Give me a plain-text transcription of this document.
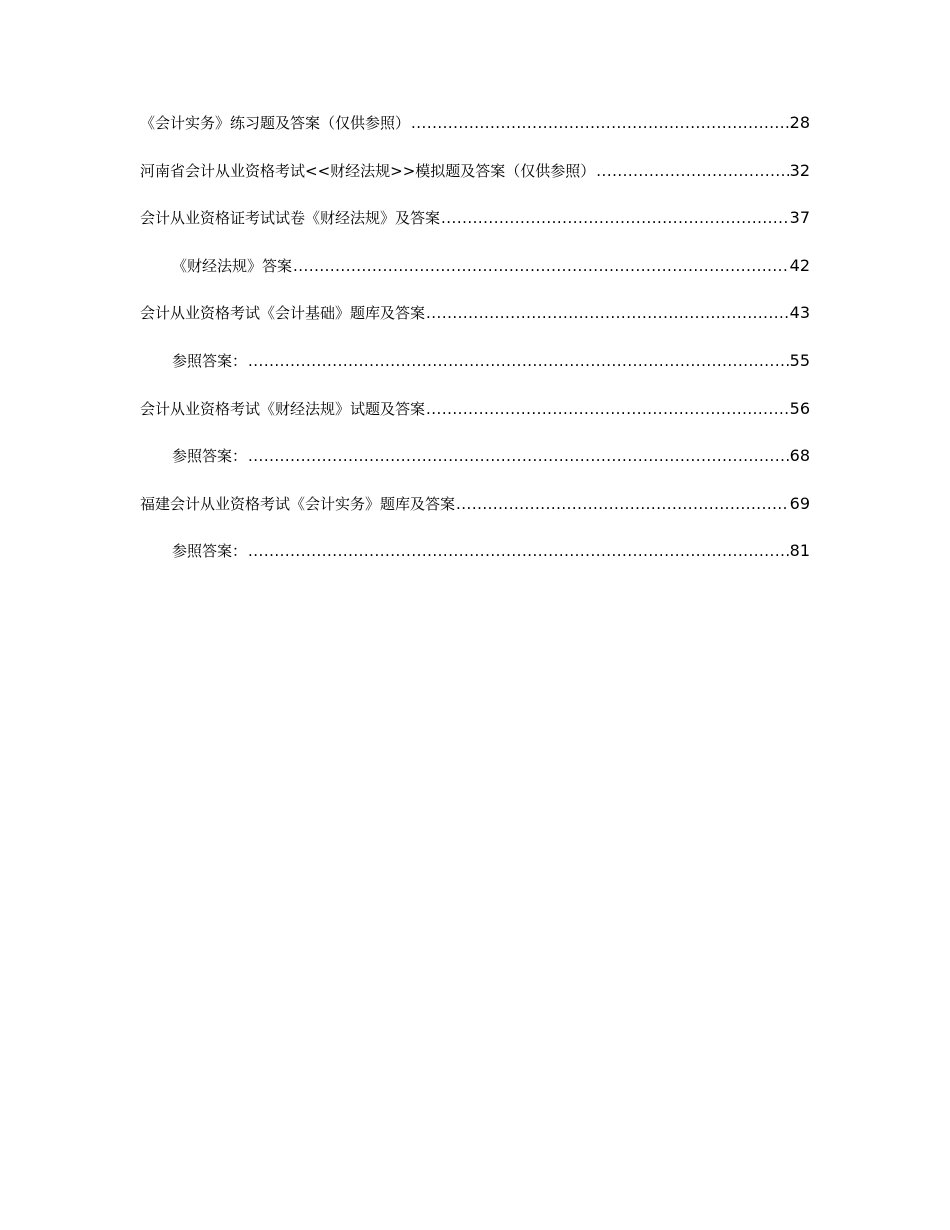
《会计实务》练习题及答案（仅供参照） .....	28
河南省会计从业资格考试<<财经法规>>模拟题及答案（仅供参照） .....	32
会计从业资格证考试试卷《财经法规》及答案 .....	37
《财经法规》答案 .....	42
会计从业资格考试《会计基础》题库及答案 .....	43
参照答案： .....	55
会计从业资格考试《财经法规》试题及答案 .....	56
参照答案： .....	68
福建会计从业资格考试《会计实务》题库及答案 .....	69
参照答案： .....	81
